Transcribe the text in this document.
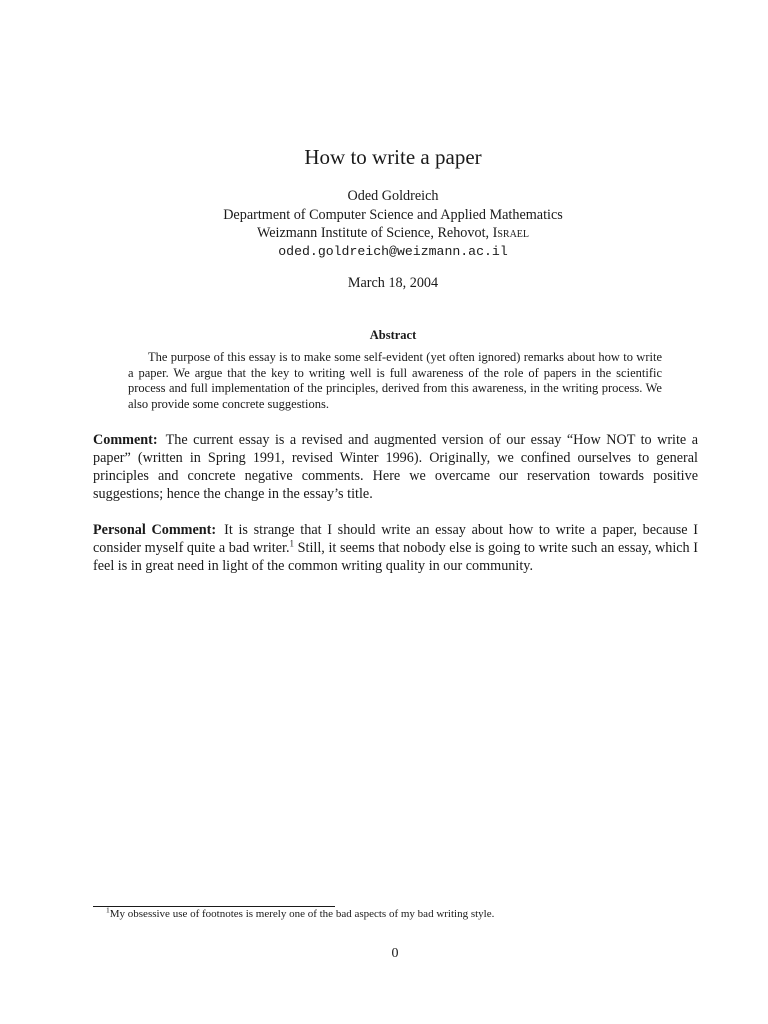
How to write a paper
Oded Goldreich
Department of Computer Science and Applied Mathematics
Weizmann Institute of Science, Rehovot, Israel
oded.goldreich@weizmann.ac.il
March 18, 2004
Abstract

The purpose of this essay is to make some self-evident (yet often ignored) remarks about how to write a paper. We argue that the key to writing well is full awareness of the role of papers in the scientific process and full implementation of the principles, derived from this awareness, in the writing process. We also provide some concrete suggestions.

Comment: The current essay is a revised and augmented version of our essay “How NOT to write a paper” (written in Spring 1991, revised Winter 1996). Originally, we confined ourselves to general principles and concrete negative comments. Here we overcame our reservation towards positive suggestions; hence the change in the essay’s title.

Personal Comment: It is strange that I should write an essay about how to write a paper, because I consider myself quite a bad writer.$^1$ Still, it seems that nobody else is going to write such an essay, which I feel is in great need in light of the common writing quality in our community.

$^1$My obsessive use of footnotes is merely one of the bad aspects of my bad writing style.

0
